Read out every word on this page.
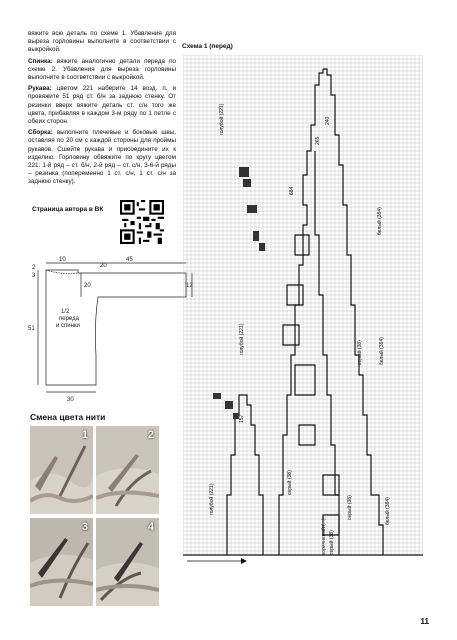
вяжите всю деталь по схеме 1. Убавления для выреза горловины выполните в соответствии с выкройкой.

Спинка: вяжите аналогично детали переда по схеме 2. Убавления для выреза горловины выполните в соответствии с выкройкой.

Рукава: цветом 221 наберите 14 возд. п. и провяжите 51 ряд ст. б/н за заднюю стенку. От резинки вверх вяжите деталь ст. с/н того же цвета, прибавляя в каждом 3-м ряду по 1 петле с обеих сторон.

Сборка: выполните плечевые и боковые швы, оставляя по 20 см с каждой стороны для проймы рукавов. Сшейте рукава и присоедините их к изделию. Горловину обвяжите по кругу цветом 221: 1-й ряд – ст. б/н, 2-й ряд – ст. с/н, 3-6-й ряды – резинка (попеременно 1 ст. с/н, 1 ст. с/н за заднюю стенку).

Страница автора в ВК
10	45
2
3
20
20
12
51
30
1/2
переда
и спинки
Смена цвета нити
1	2
3	4
Схема 1 (перед)
голубой (221)
голубой (221)
голубой (221)
белый (384)
белый (384)
белый (384)
серый (38)
серый (38)
серый (38)
серый (38)
240
265
684
157
коричневый (...)
11
